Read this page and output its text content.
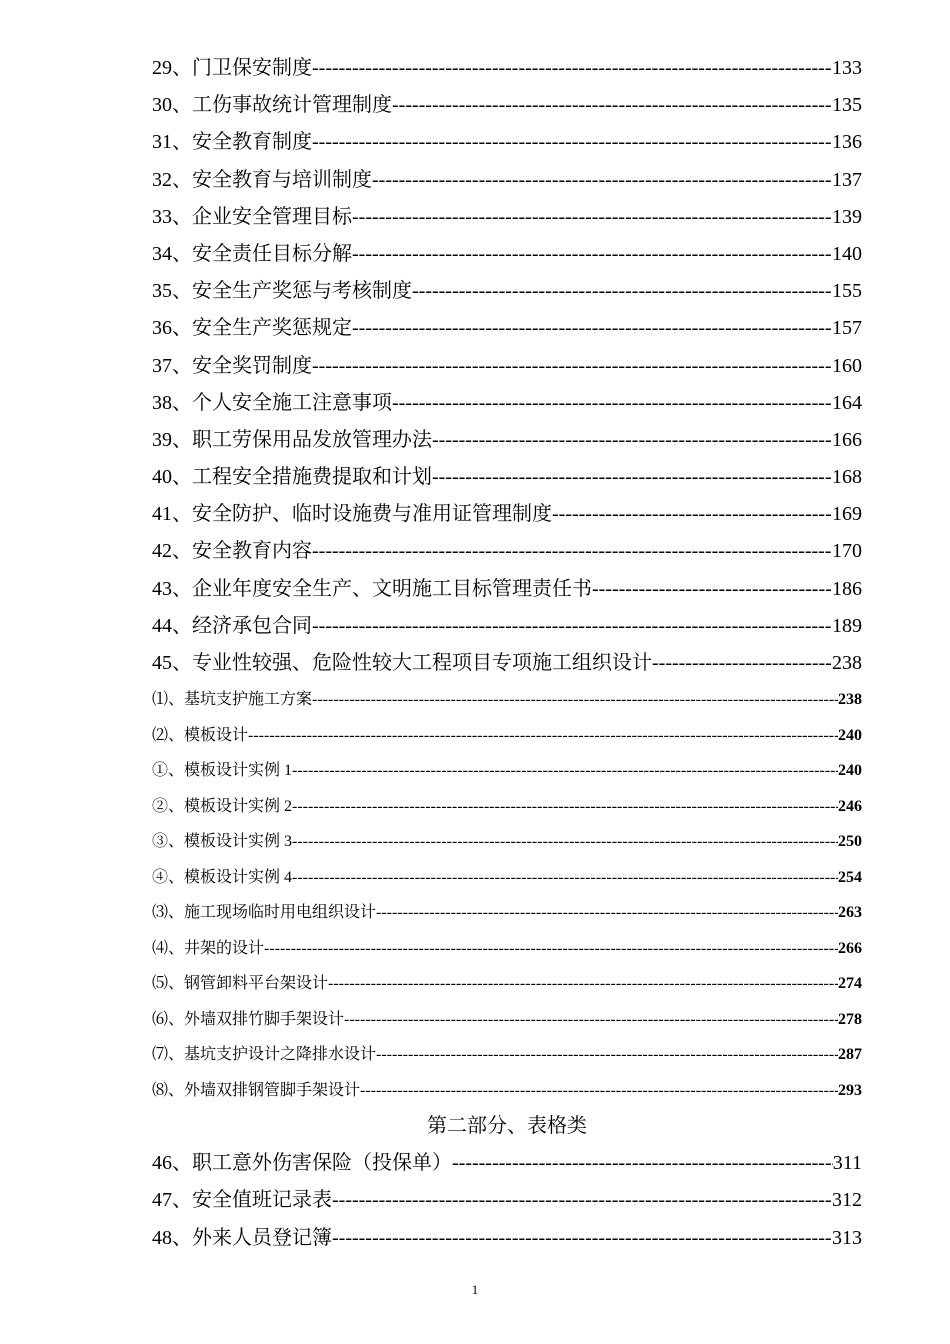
29、门卫保安制度 -----	133
30、工伤事故统计管理制度 -----	135
31、安全教育制度 -----	136
32、安全教育与培训制度 -----	137
33、企业安全管理目标 -----	139
34、安全责任目标分解 -----	140
35、安全生产奖惩与考核制度 -----	155
36、安全生产奖惩规定 -----	157
37、安全奖罚制度 -----	160
38、个人安全施工注意事项 -----	164
39、职工劳保用品发放管理办法 -----	166
40、工程安全措施费提取和计划 -----	168
41、安全防护、临时设施费与准用证管理制度 -----	169
42、安全教育内容 -----	170
43、企业年度安全生产、文明施工目标管理责任书 -----	186
44、经济承包合同 -----	189
45、专业性较强、危险性较大工程项目专项施工组织设计 -----	238
⑴、基坑支护施工方案 -----	238
⑵、模板设计 -----	240
①、模板设计实例 1 -----	240
②、模板设计实例 2 -----	246
③、模板设计实例 3 -----	250
④、模板设计实例 4 -----	254
⑶、施工现场临时用电组织设计 -----	263
⑷、井架的设计 -----	266
⑸、钢管卸料平台架设计 -----	274
⑹、外墙双排竹脚手架设计 -----	278
⑺、基坑支护设计之降排水设计 -----	287
⑻、外墙双排钢管脚手架设计 -----	293
第二部分、表格类
46、职工意外伤害保险（投保单） -----	311
47、安全值班记录表 -----	312
48、外来人员登记簿 -----	313
1
